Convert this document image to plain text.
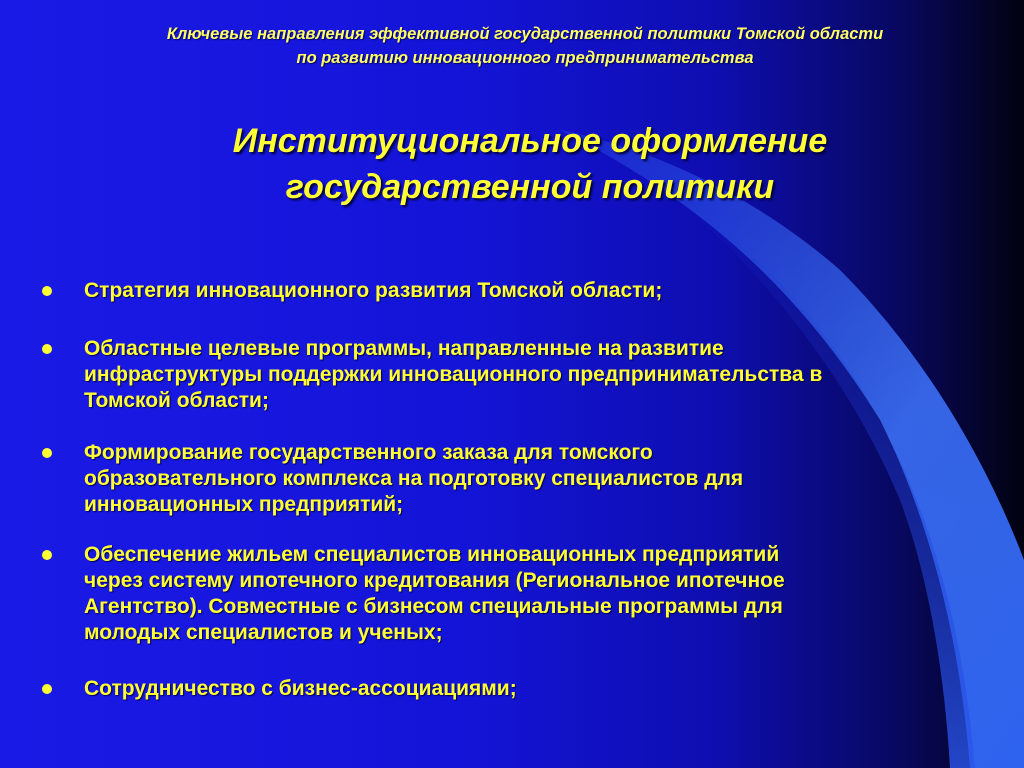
Ключевые направления эффективной государственной политики Томской области
по развитию инновационного предпринимательства
Институциональное оформление
государственной политики
Стратегия инновационного развития Томской области;
Областные целевые программы, направленные на развитие
инфраструктуры поддержки инновационного предпринимательства в
Томской области;
Формирование государственного заказа для томского
образовательного комплекса на подготовку специалистов для
инновационных предприятий;
Обеспечение жильем специалистов инновационных предприятий
через систему ипотечного кредитования (Региональное ипотечное
Агентство). Совместные с бизнесом специальные программы для
молодых специалистов и ученых;
Сотрудничество с бизнес-ассоциациями;
